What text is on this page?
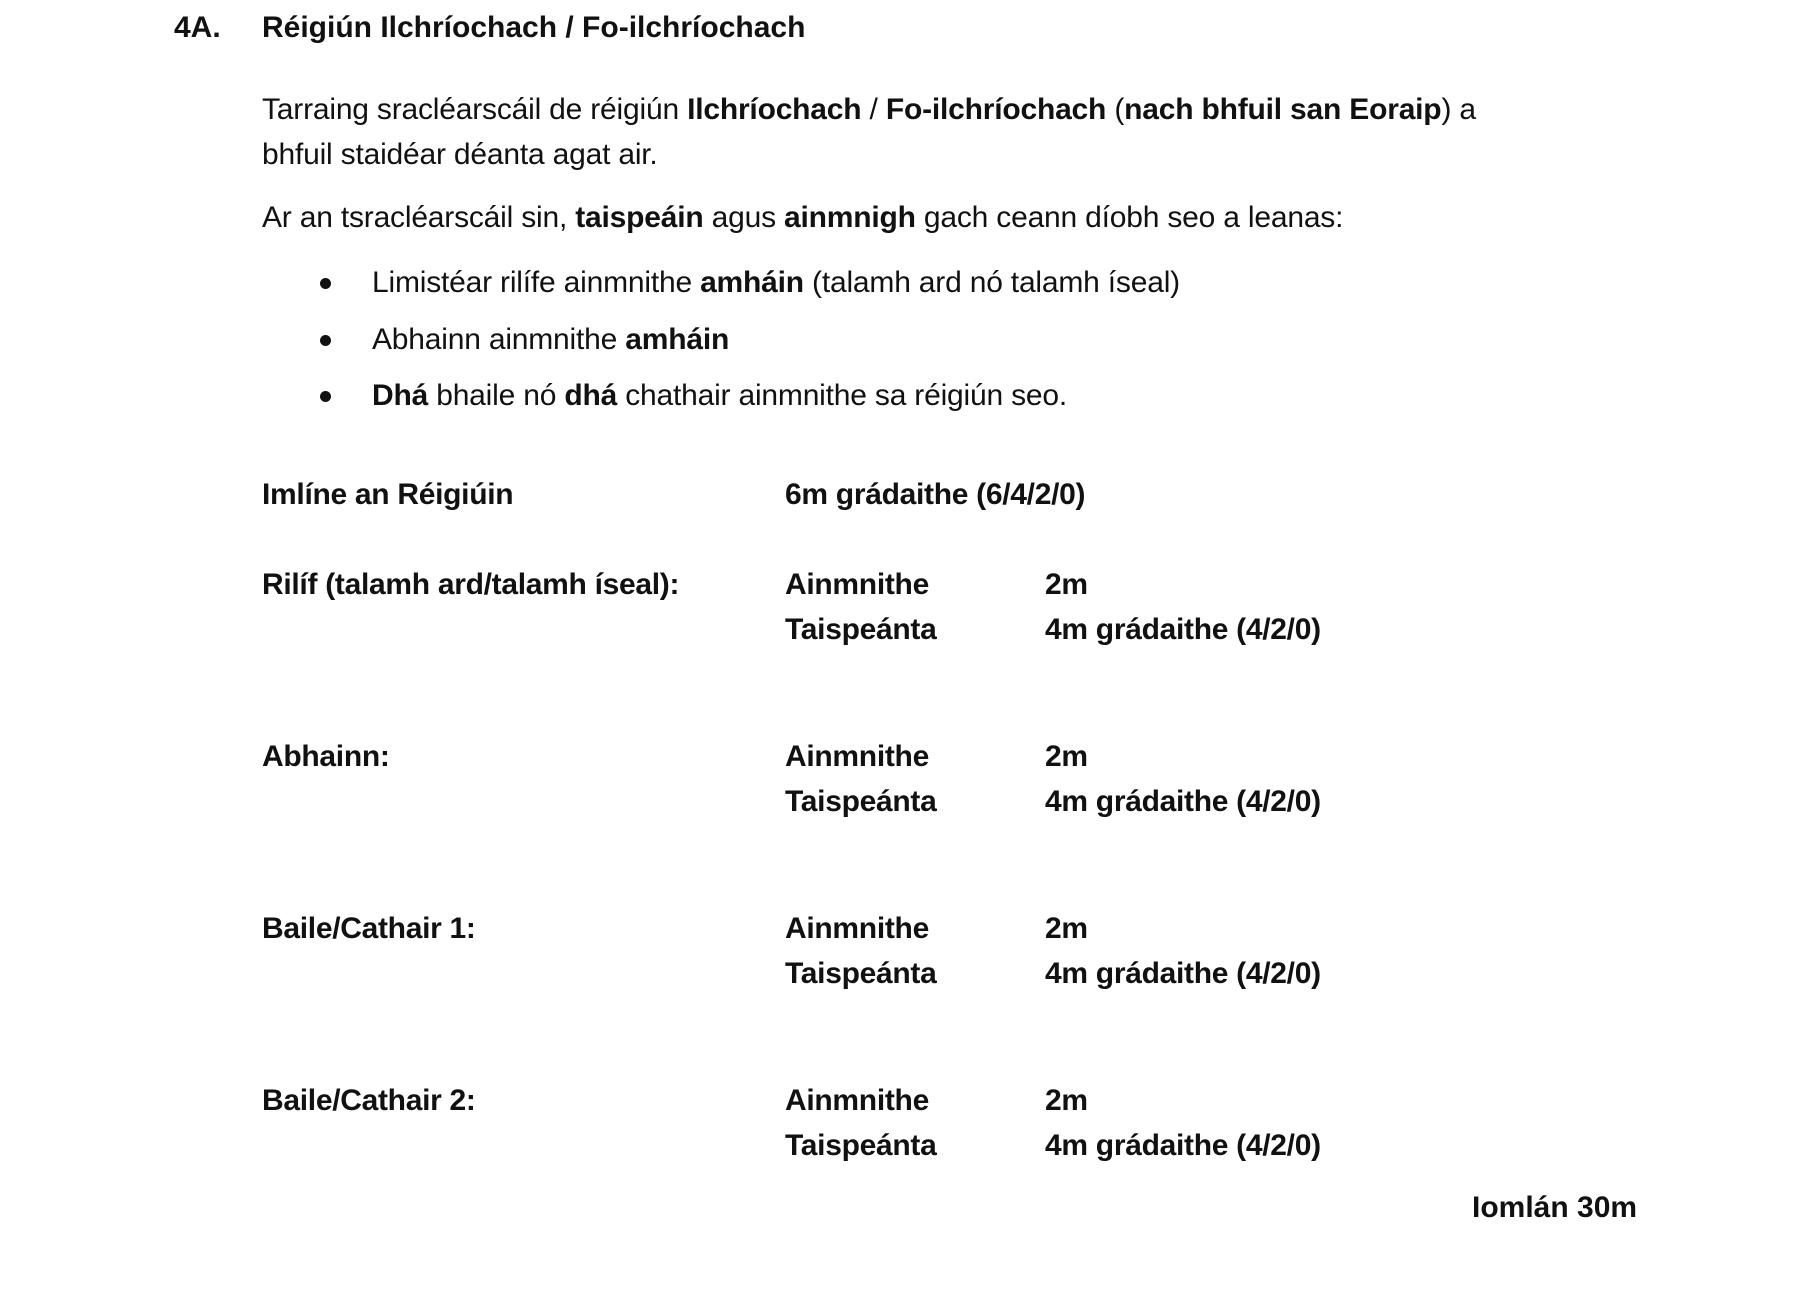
4A. Réigiún Ilchríochach / Fo-ilchríochach
Tarraing sracléarscáil de réigiún Ilchríochach / Fo-ilchríochach (nach bhfuil san Eoraip) a
bhfuil staidéar déanta agat air.
Ar an tsracléarscáil sin, taispeáin agus ainmnigh gach ceann díobh seo a leanas:
Limistéar rilífe ainmnithe amháin (talamh ard nó talamh íseal)
Abhainn ainmnithe amháin
Dhá bhaile nó dhá chathair ainmnithe sa réigiún seo.
Imlíne an Réigiúin	6m grádaithe (6/4/2/0)
Rilíf (talamh ard/talamh íseal):	Ainmnithe	2m
Taispeánta	4m grádaithe (4/2/0)
Abhainn:	Ainmnithe	2m
Taispeánta	4m grádaithe (4/2/0)
Baile/Cathair 1:	Ainmnithe	2m
Taispeánta	4m grádaithe (4/2/0)
Baile/Cathair 2:	Ainmnithe	2m
Taispeánta	4m grádaithe (4/2/0)
Iomlán 30m
